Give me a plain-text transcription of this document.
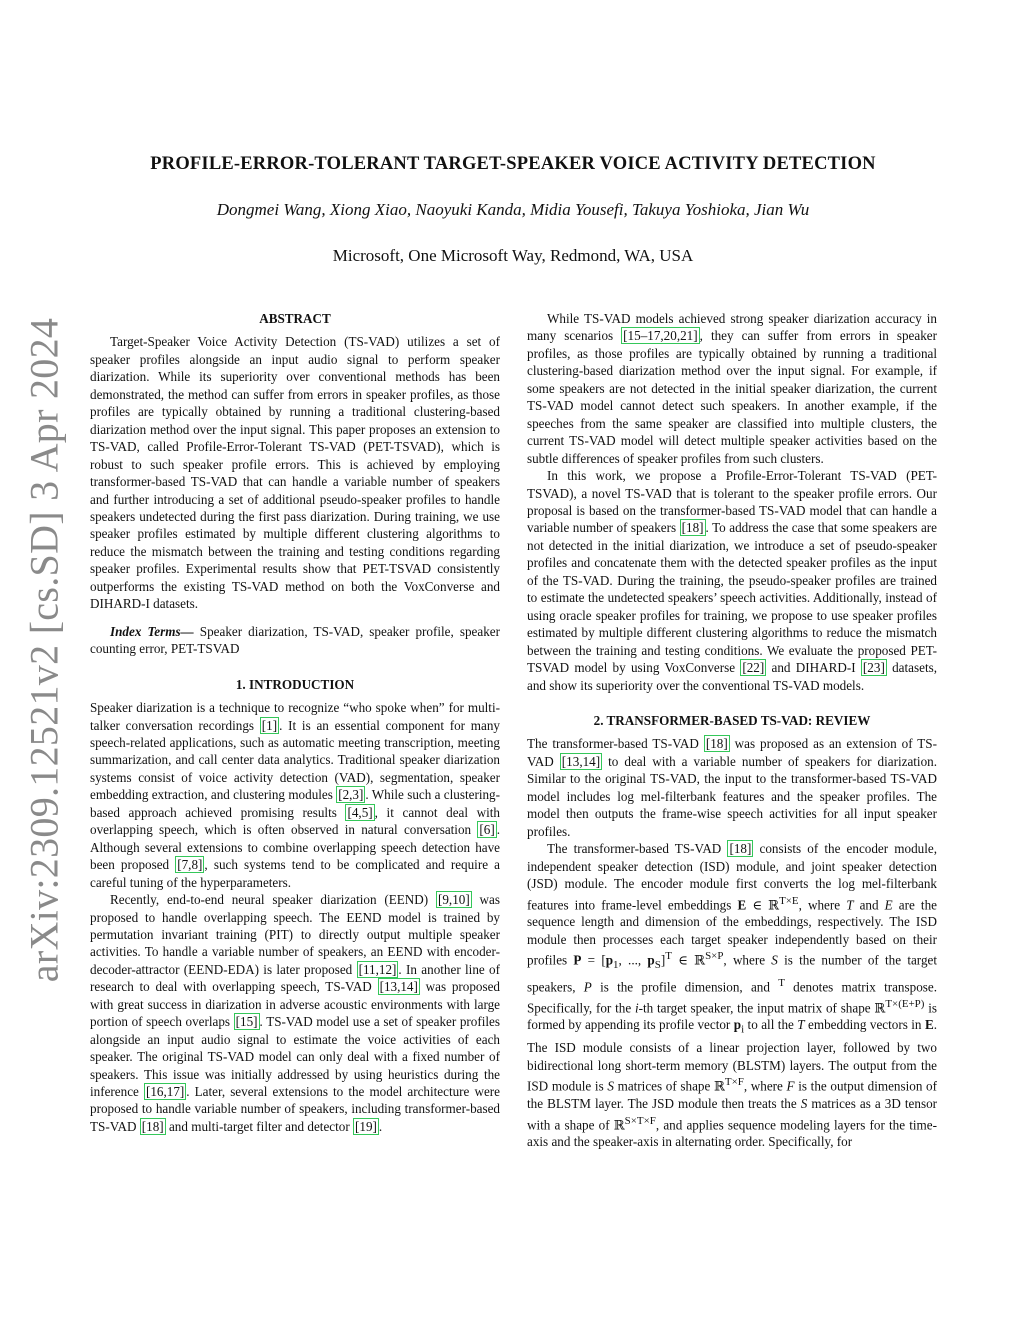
arXiv:2309.12521v2 [cs.SD] 3 Apr 2024
PROFILE-ERROR-TOLERANT TARGET-SPEAKER VOICE ACTIVITY DETECTION
Dongmei Wang, Xiong Xiao, Naoyuki Kanda, Midia Yousefi, Takuya Yoshioka, Jian Wu
Microsoft, One Microsoft Way, Redmond, WA, USA
ABSTRACT

Target-Speaker Voice Activity Detection (TS-VAD) utilizes a set of speaker profiles alongside an input audio signal to perform speaker diarization. While its superiority over conventional methods has been demonstrated, the method can suffer from errors in speaker profiles, as those profiles are typically obtained by running a traditional clustering-based diarization method over the input signal. This paper proposes an extension to TS-VAD, called Profile-Error-Tolerant TS-VAD (PET-TSVAD), which is robust to such speaker profile errors. This is achieved by employing transformer-based TS-VAD that can handle a variable number of speakers and further introducing a set of additional pseudo-speaker profiles to handle speakers undetected during the first pass diarization. During training, we use speaker profiles estimated by multiple different clustering algorithms to reduce the mismatch between the training and testing conditions regarding speaker profiles. Experimental results show that PET-TSVAD consistently outperforms the existing TS-VAD method on both the VoxConverse and DIHARD-I datasets.

Index Terms— Speaker diarization, TS-VAD, speaker profile, speaker counting error, PET-TSVAD

1. INTRODUCTION

Speaker diarization is a technique to recognize “who spoke when” for multi-talker conversation recordings [1] . It is an essential component for many speech-related applications, such as automatic meeting transcription, meeting summarization, and call center data analytics. Traditional speaker diarization systems consist of voice activity detection (VAD), segmentation, speaker embedding extraction, and clustering modules [2,3] . While such a clustering-based approach achieved promising results [4,5] , it cannot deal with overlapping speech, which is often observed in natural conversation [6] . Although several extensions to combine overlapping speech detection have been proposed [7,8] , such systems tend to be complicated and require a careful tuning of the hyperparameters.

Recently, end-to-end neural speaker diarization (EEND) [9,10] was proposed to handle overlapping speech. The EEND model is trained by permutation invariant training (PIT) to directly output multiple speaker activities. To handle a variable number of speakers, an EEND with encoder-decoder-attractor (EEND-EDA) is later proposed [11,12] . In another line of research to deal with overlapping speech, TS-VAD [13,14] was proposed with great success in diarization in adverse acoustic environments with large portion of speech overlaps [15] . TS-VAD model use a set of speaker profiles alongside an input audio signal to estimate the voice activities of each speaker. The original TS-VAD model can only deal with a fixed number of speakers. This issue was initially addressed by using heuristics during the inference [16,17] . Later, several extensions to the model architecture were proposed to handle variable number of speakers, including transformer-based TS-VAD [18] and multi-target filter and detector [19] .

While TS-VAD models achieved strong speaker diarization accuracy in many scenarios [15–17,20,21] , they can suffer from errors in speaker profiles, as those profiles are typically obtained by running a traditional clustering-based diarization method over the input signal. For example, if some speakers are not detected in the initial speaker diarization, the current TS-VAD model cannot detect such speakers. In another example, if the speeches from the same speaker are classified into multiple clusters, the current TS-VAD model will detect multiple speaker activities based on the subtle differences of speaker profiles from such clusters.

In this work, we propose a Profile-Error-Tolerant TS-VAD (PET-TSVAD), a novel TS-VAD that is tolerant to the speaker profile errors. Our proposal is based on the transformer-based TS-VAD model that can handle a variable number of speakers [18] . To address the case that some speakers are not detected in the initial diarization, we introduce a set of pseudo-speaker profiles and concatenate them with the detected speaker profiles as the input of the TS-VAD. During the training, the pseudo-speaker profiles are trained to estimate the undetected speakers’ speech activities. Additionally, instead of using oracle speaker profiles for training, we propose to use speaker profiles estimated by multiple different clustering algorithms to reduce the mismatch between the training and testing conditions. We evaluate the proposed PET-TSVAD model by using VoxConverse [22] and DIHARD-I [23] datasets, and show its superiority over the conventional TS-VAD models.

2. TRANSFORMER-BASED TS-VAD: REVIEW

The transformer-based TS-VAD [18] was proposed as an extension of TS-VAD [13,14] to deal with a variable number of speakers for diarization. Similar to the original TS-VAD, the input to the transformer-based TS-VAD model includes log mel-filterbank features and the speaker profiles. The model then outputs the frame-wise speech activities for all input speaker profiles.

The transformer-based TS-VAD [18] consists of the encoder module, independent speaker detection (ISD) module, and joint speaker detection (JSD) module. The encoder module first converts the log mel-filterbank features into frame-level embeddings E ∈ ℝ$^{T\times E}$, where T and E are the sequence length and dimension of the embeddings, respectively. The ISD module then processes each target speaker independently based on their profiles $P = [p_1$, ..., $p_S]^T$ ∈ ℝ$^{S\times P}$, where S is the number of the target speakers, P is the profile dimension, and $^T$ denotes matrix transpose. Specifically, for the i-th target speaker, the input matrix of shape ℝ$^{T\times(E+P)}$ is formed by appending its profile vector $p_i$ to all the T embedding vectors in E. The ISD module consists of a linear projection layer, followed by two bidirectional long short-term memory (BLSTM) layers. The output from the ISD module is S matrices of shape ℝ$^{T\times F}$, where F is the output dimension of the BLSTM layer. The JSD module then treats the S matrices as a 3D tensor with a shape of ℝ$^{S\times T\times F}$, and applies sequence modeling layers for the time-axis and the speaker-axis in alternating order. Specifically, for
